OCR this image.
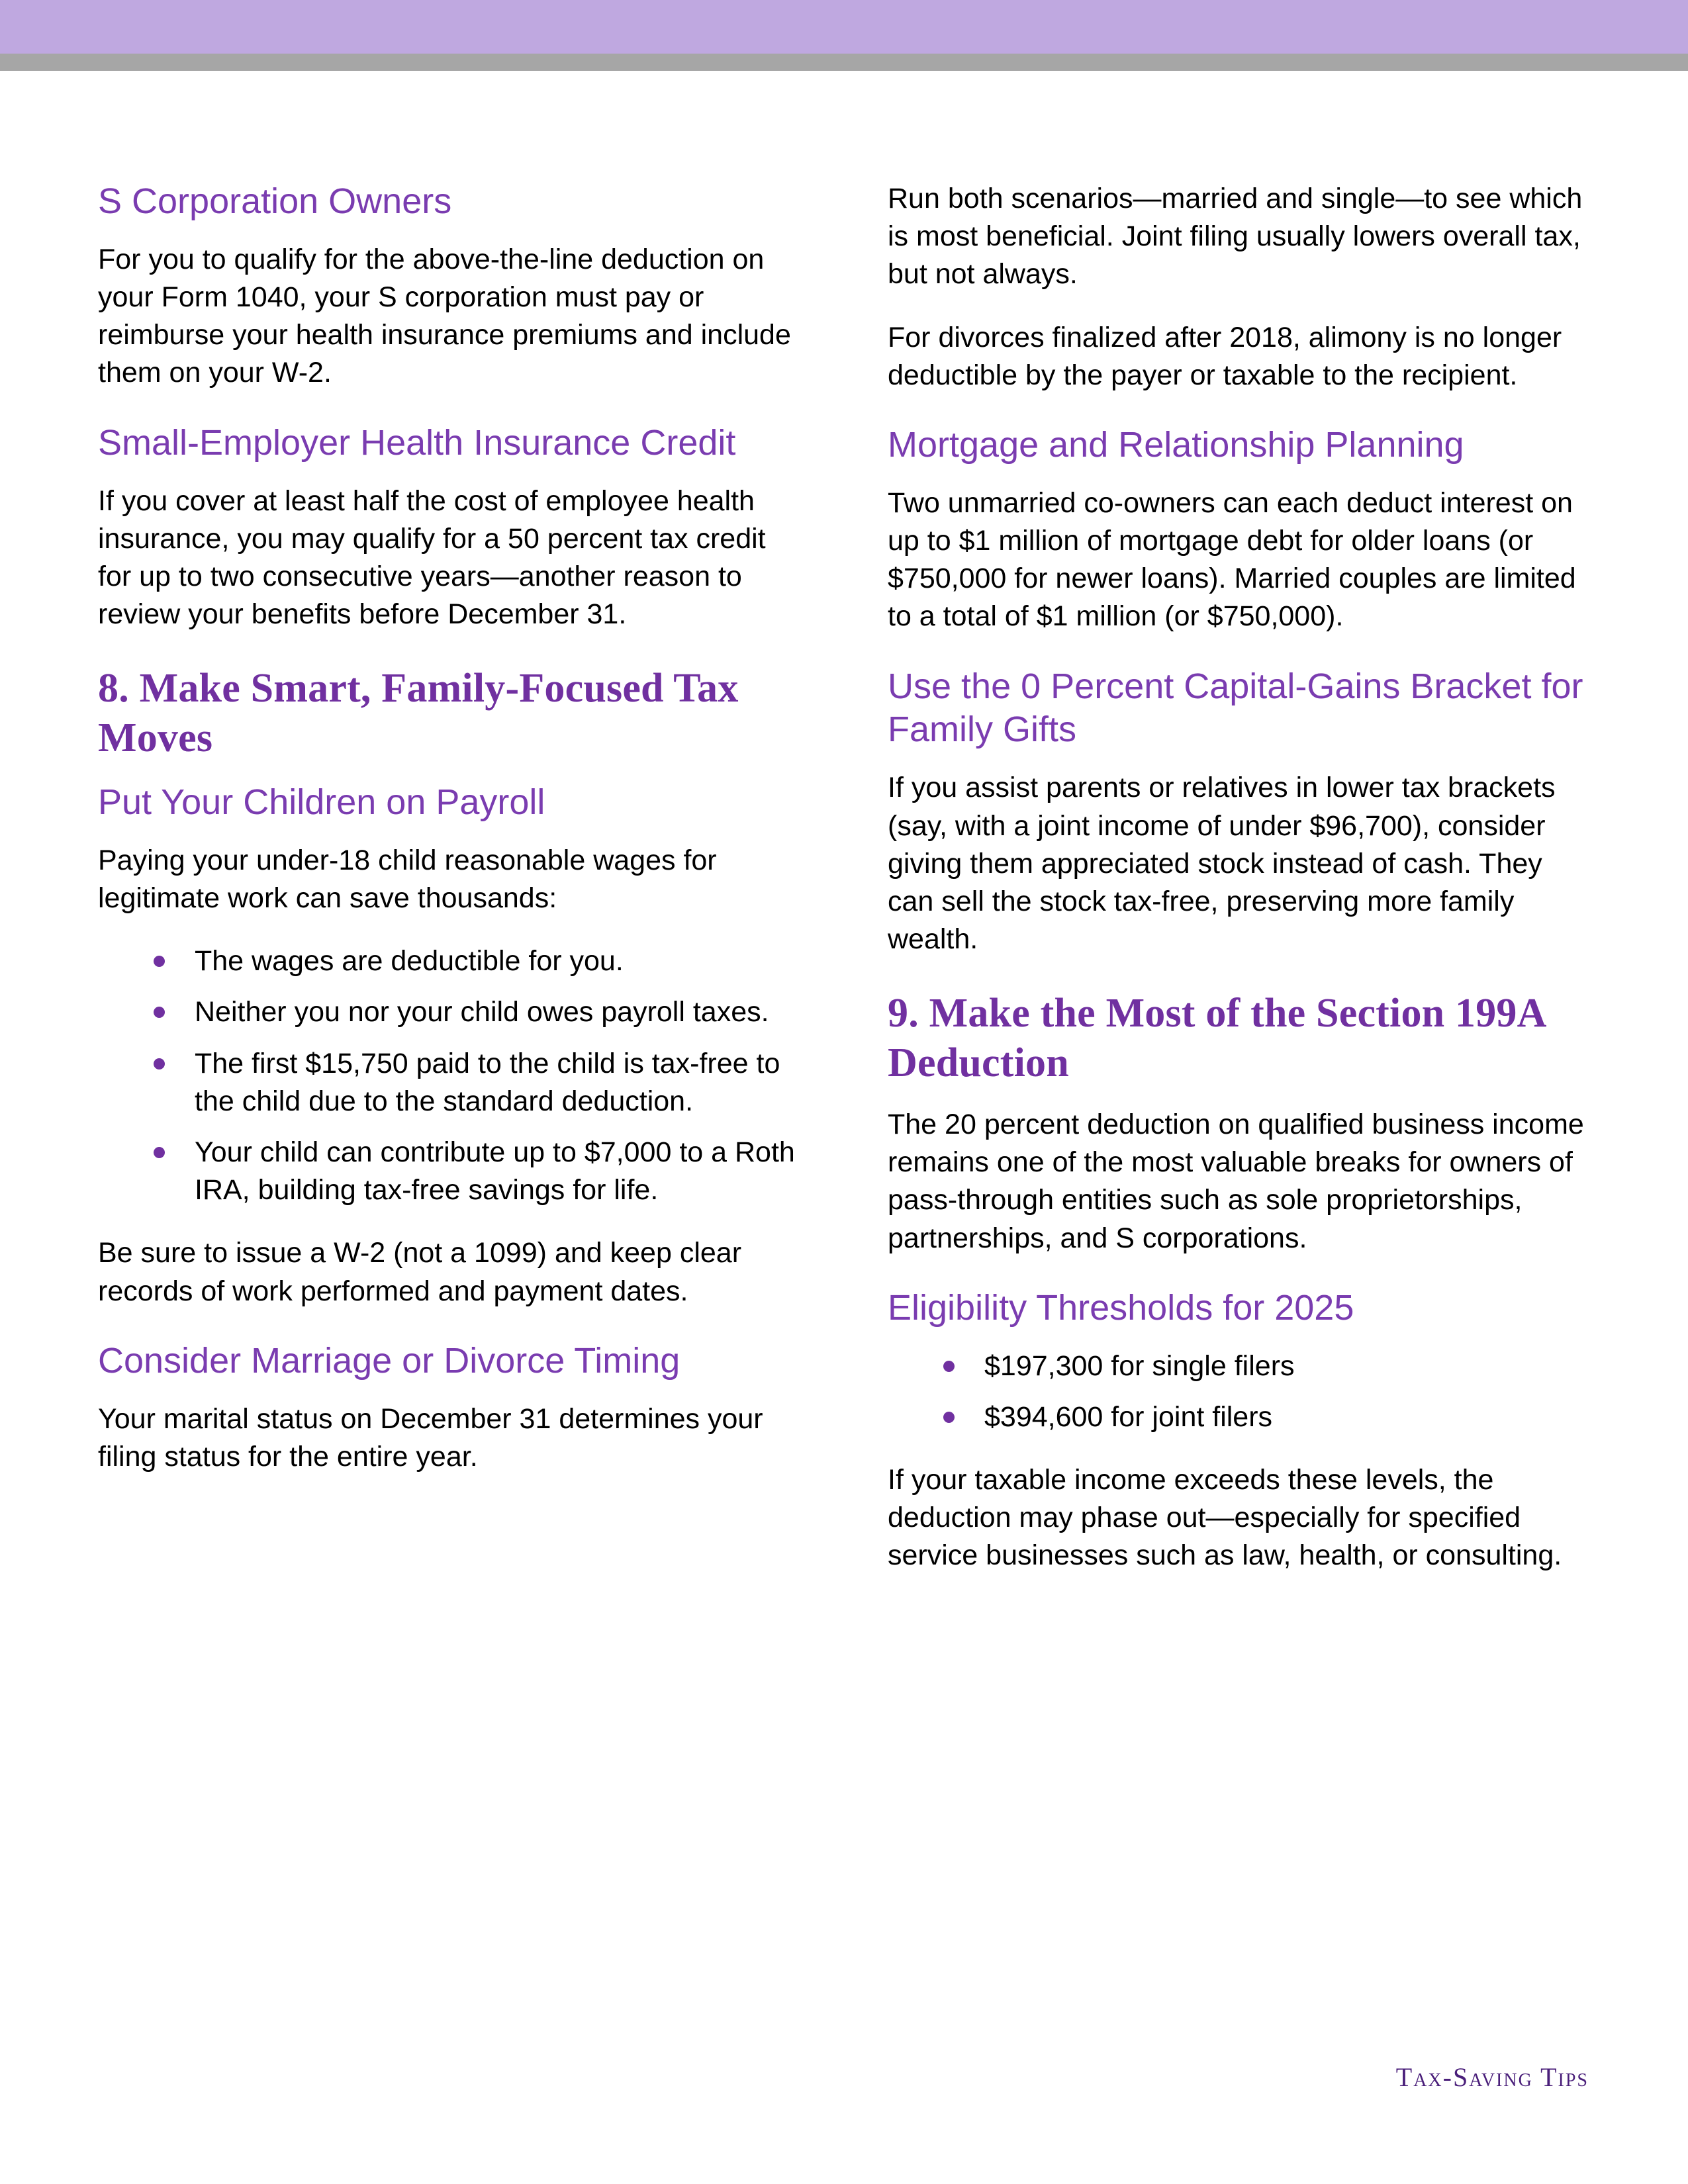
S Corporation Owners

For you to qualify for the above-the-line deduction on your Form 1040, your S corporation must pay or reimburse your health insurance premiums and include them on your W-2.

Small-Employer Health Insurance Credit

If you cover at least half the cost of employee health insurance, you may qualify for a 50 percent tax credit for up to two consecutive years—another reason to review your benefits before December 31.

8. Make Smart, Family-Focused Tax Moves
Put Your Children on Payroll

Paying your under-18 child reasonable wages for legitimate work can save thousands:

The wages are deductible for you.
Neither you nor your child owes payroll taxes.
The first $15,750 paid to the child is tax-free to the child due to the standard deduction.
Your child can contribute up to $7,000 to a Roth IRA, building tax-free savings for life.

Be sure to issue a W-2 (not a 1099) and keep clear records of work performed and payment dates.

Consider Marriage or Divorce Timing

Your marital status on December 31 determines your filing status for the entire year.

Run both scenarios—married and single—to see which is most beneficial. Joint filing usually lowers overall tax, but not always.

For divorces finalized after 2018, alimony is no longer deductible by the payer or taxable to the recipient.

Mortgage and Relationship Planning

Two unmarried co-owners can each deduct interest on up to $1 million of mortgage debt for older loans (or $750,000 for newer loans). Married couples are limited to a total of $1 million (or $750,000).

Use the 0 Percent Capital-Gains Bracket for Family Gifts

If you assist parents or relatives in lower tax brackets (say, with a joint income of under $96,700), consider giving them appreciated stock instead of cash. They can sell the stock tax-free, preserving more family wealth.

9. Make the Most of the Section 199A Deduction

The 20 percent deduction on qualified business income remains one of the most valuable breaks for owners of pass-through entities such as sole proprietorships, partnerships, and S corporations.

Eligibility Thresholds for 2025
$197,300 for single filers
$394,600 for joint filers

If your taxable income exceeds these levels, the deduction may phase out—especially for specified service businesses such as law, health, or consulting.

Tax-Saving Tips
